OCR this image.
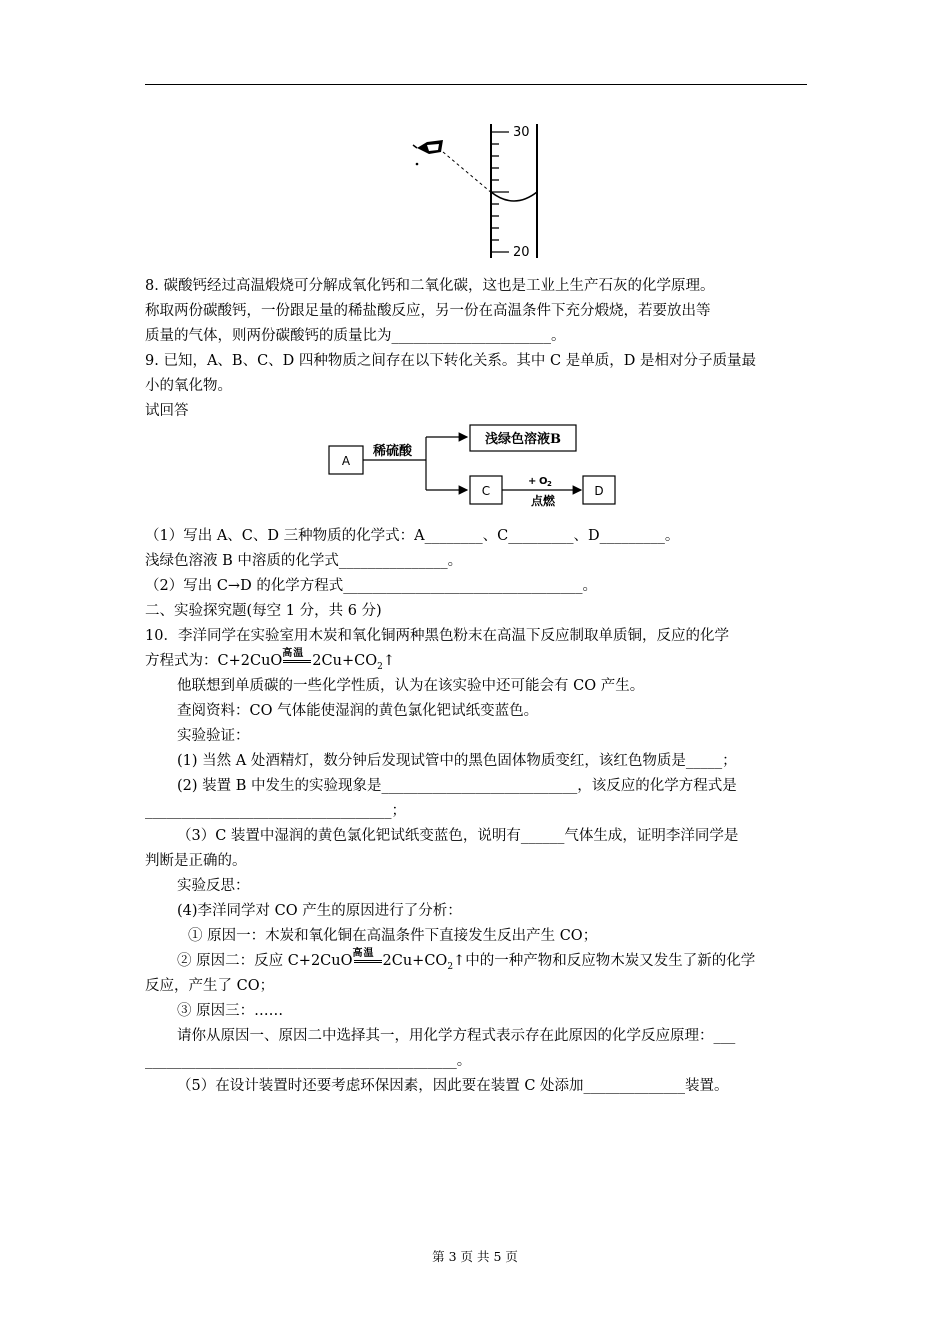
30
20
8. 碳酸钙经过高温煅烧可分解成氧化钙和二氧化碳，这也是工业上生产石灰的化学原理。
称取两份碳酸钙，一份跟足量的稀盐酸反应，另一份在高温条件下充分煅烧，若要放出等
质量的气体，则两份碳酸钙的质量比为______________________。
9. 已知，A、B、C、D 四种物质之间存在以下转化关系。其中 C 是单质，D 是相对分子质量最
小的氧化物。
试回答
A
稀硫酸
浅绿色溶液B
C
+ O 2
点燃
D
（1）写出 A、C、D 三种物质的化学式：A________、C_________、D_________。
浅绿色溶液 B 中溶质的化学式_______________。
（2）写出 C→D 的化学方程式_________________________________。
二、实验探究题(每空 1 分，共 6 分)
10．李洋同学在实验室用木炭和氧化铜两种黑色粉末在高温下反应制取单质铜，反应的化学
方程式为：C+2CuO 高温 $2Cu+CO_2↑$
他联想到单质碳的一些化学性质，认为在该实验中还可能会有 CO 产生。
查阅资料：CO 气体能使湿润的黄色氯化钯试纸变蓝色。
实验验证：
(1) 当然 A 处酒精灯，数分钟后发现试管中的黑色固体物质变红，该红色物质是_____；
(2) 装置 B 中发生的实验现象是___________________________，该反应的化学方程式是
__________________________________；
（3）C 装置中湿润的黄色氯化钯试纸变蓝色，说明有______气体生成，证明李洋同学是
判断是正确的。
实验反思：
(4)李洋同学对 CO 产生的原因进行了分析：
① 原因一：木炭和氧化铜在高温条件下直接发生反出产生 CO；
② 原因二：反应 C+2CuO 高温 $2Cu+CO_2↑$中的一种产物和反应物木炭又发生了新的化学
反应，产生了 CO；
③ 原因三：……
请你从原因一、原因二中选择其一，用化学方程式表示存在此原因的化学反应原理：___
___________________________________________。
（5）在设计装置时还要考虑环保因素，因此要在装置 C 处添加______________装置。
第 3 页 共 5 页
